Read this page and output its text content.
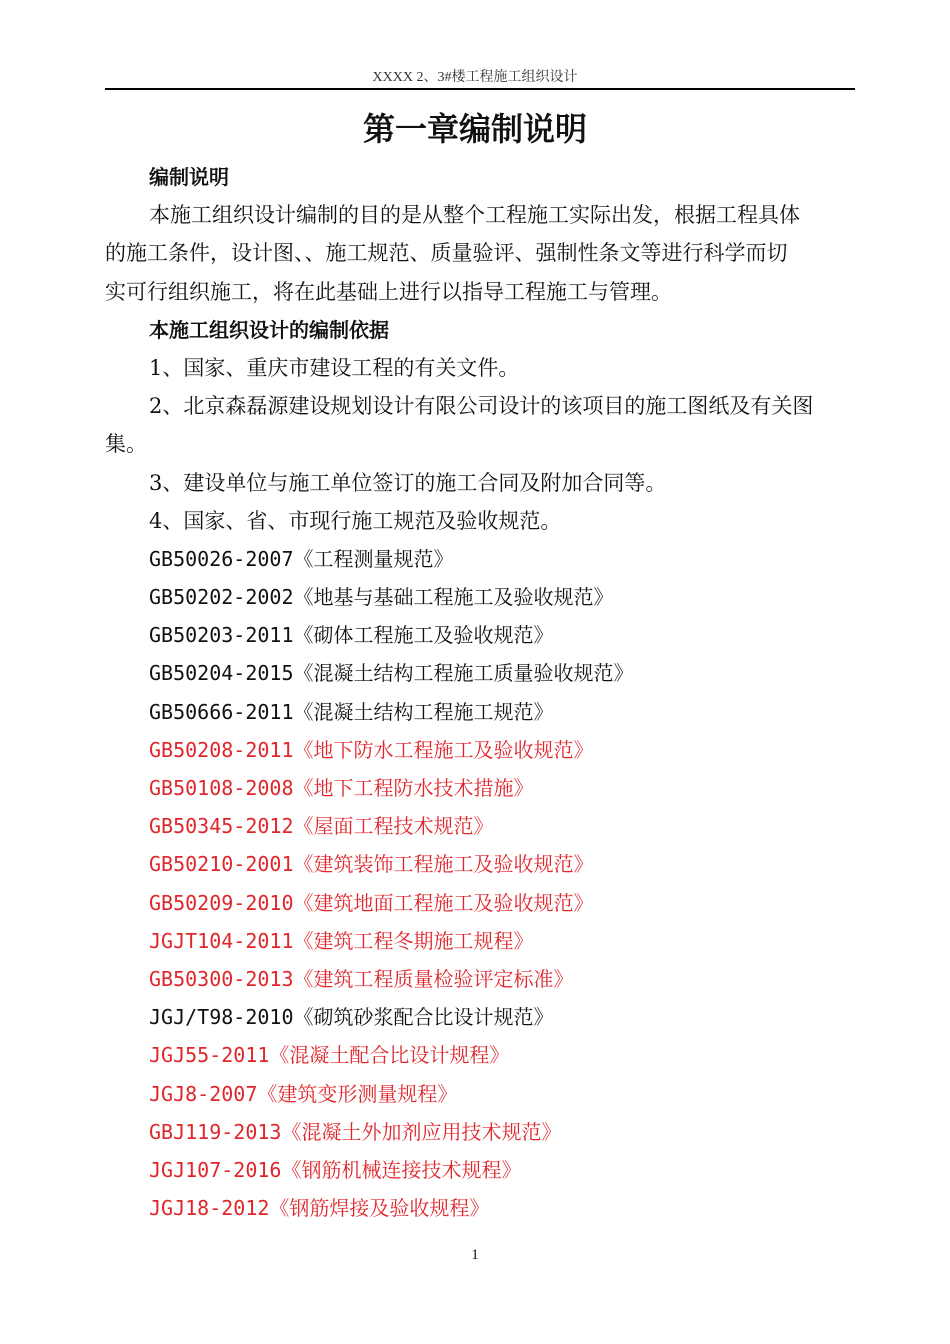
XXXX 2、3#楼工程施工组织设计
第一章编制说明
编制说明
本施工组织设计编制的目的是从整个工程施工实际出发，根据工程具体
的施工条件，设计图、、施工规范、质量验评、强制性条文等进行科学而切
实可行组织施工，将在此基础上进行以指导工程施工与管理。
本施工组织设计的编制依据
1、国家、重庆市建设工程的有关文件。
2、北京森磊源建设规划设计有限公司设计的该项目的施工图纸及有关图
集。
3、建设单位与施工单位签订的施工合同及附加合同等。
4、国家、省、市现行施工规范及验收规范。
GB50026-2007《工程测量规范》
GB50202-2002《地基与基础工程施工及验收规范》
GB50203-2011《砌体工程施工及验收规范》
GB50204-2015《混凝土结构工程施工质量验收规范》
GB50666-2011《混凝土结构工程施工规范》
GB50208-2011《地下防水工程施工及验收规范》
GB50108-2008《地下工程防水技术措施》
GB50345-2012《屋面工程技术规范》
GB50210-2001《建筑装饰工程施工及验收规范》
GB50209-2010《建筑地面工程施工及验收规范》
JGJT104-2011《建筑工程冬期施工规程》
GB50300-2013《建筑工程质量检验评定标准》
JGJ/T98-2010《砌筑砂浆配合比设计规范》
JGJ55-2011《混凝土配合比设计规程》
JGJ8-2007《建筑变形测量规程》
GBJ119-2013《混凝土外加剂应用技术规范》
JGJ107-2016《钢筋机械连接技术规程》
JGJ18-2012《钢筋焊接及验收规程》
1
